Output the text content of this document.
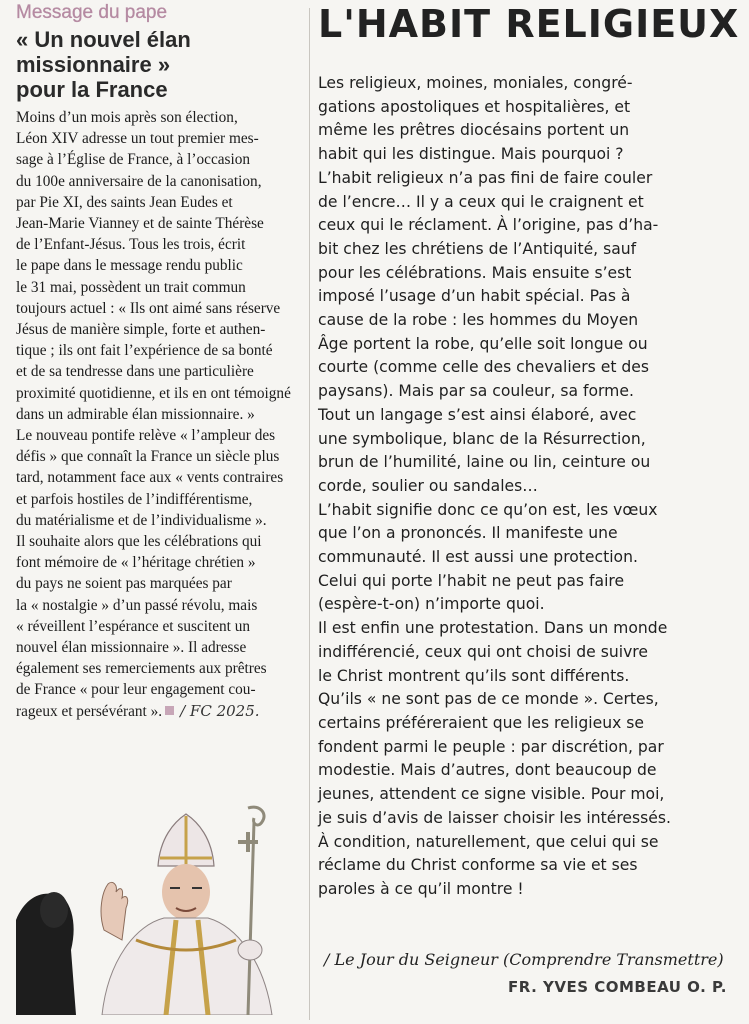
Message du pape
« Un nouvel élan
missionnaire »
pour la France
Moins d’un mois après son élection,
Léon XIV adresse un tout premier mes-
sage à l’Église de France, à l’occasion
du 100e anniversaire de la canonisation,
par Pie XI, des saints Jean Eudes et
Jean-Marie Vianney et de sainte Thérèse
de l’Enfant-Jésus. Tous les trois, écrit
le pape dans le message rendu public
le 31 mai, possèdent un trait commun
toujours actuel : « Ils ont aimé sans réserve
Jésus de manière simple, forte et authen-
tique ; ils ont fait l’expérience de sa bonté
et de sa tendresse dans une particulière
proximité quotidienne, et ils en ont témoigné
dans un admirable élan missionnaire. »
Le nouveau pontife relève « l’ampleur des
défis » que connaît la France un siècle plus
tard, notamment face aux « vents contraires
et parfois hostiles de l’indifférentisme,
du matérialisme et de l’individualisme ».
Il souhaite alors que les célébrations qui
font mémoire de « l’héritage chrétien »
du pays ne soient pas marquées par
la « nostalgie » d’un passé révolu, mais
« réveillent l’espérance et suscitent un
nouvel élan missionnaire ». Il adresse
également ses remerciements aux prêtres
de France « pour leur engagement cou-
rageux et persévérant ». / FC 2025.
L'HABIT RELIGIEUX
Les religieux, moines, moniales, congré-
gations apostoliques et hospitalières, et
même les prêtres diocésains portent un
habit qui les distingue. Mais pourquoi ?
L’habit religieux n’a pas fini de faire couler
de l’encre… Il y a ceux qui le craignent et
ceux qui le réclament. À l’origine, pas d’ha-
bit chez les chrétiens de l’Antiquité, sauf
pour les célébrations. Mais ensuite s’est
imposé l’usage d’un habit spécial. Pas à
cause de la robe : les hommes du Moyen
Âge portent la robe, qu’elle soit longue ou
courte (comme celle des chevaliers et des
paysans). Mais par sa couleur, sa forme.
Tout un langage s’est ainsi élaboré, avec
une symbolique, blanc de la Résurrection,
brun de l’humilité, laine ou lin, ceinture ou
corde, soulier ou sandales…
L’habit signifie donc ce qu’on est, les vœux
que l’on a prononcés. Il manifeste une
communauté. Il est aussi une protection.
Celui qui porte l’habit ne peut pas faire
(espère-t-on) n’importe quoi.
Il est enfin une protestation. Dans un monde
indifférencié, ceux qui ont choisi de suivre
le Christ montrent qu’ils sont différents.
Qu’ils « ne sont pas de ce monde ». Certes,
certains préféreraient que les religieux se
fondent parmi le peuple : par discrétion, par
modestie. Mais d’autres, dont beaucoup de
jeunes, attendent ce signe visible. Pour moi,
je suis d’avis de laisser choisir les intéressés.
À condition, naturellement, que celui qui se
réclame du Christ conforme sa vie et ses
paroles à ce qu’il montre !
/ Le Jour du Seigneur (Comprendre Transmettre)
FR. YVES COMBEAU O. P.
